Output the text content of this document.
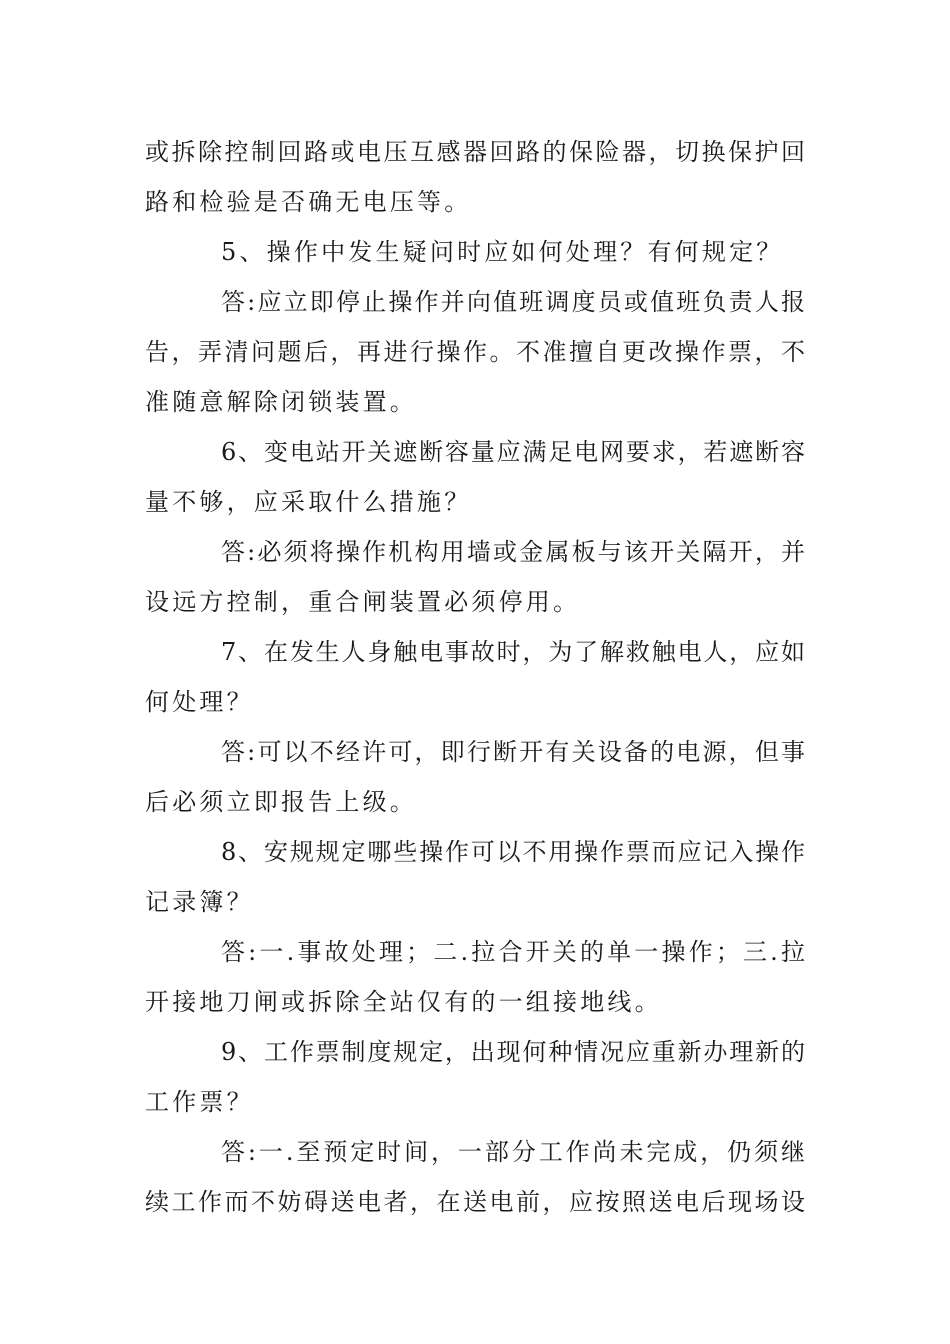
或拆除控制回路或电压互感器回路的保险器，切换保护回
路和检验是否确无电压等。
5、操作中发生疑问时应如何处理？有何规定？
答:应立即停止操作并向值班调度员或值班负责人报
告，弄清问题后，再进行操作。不准擅自更改操作票，不
准随意解除闭锁装置。
6、变电站开关遮断容量应满足电网要求，若遮断容
量不够，应采取什么措施？
答:必须将操作机构用墙或金属板与该开关隔开，并
设远方控制，重合闸装置必须停用。
7、在发生人身触电事故时，为了解救触电人，应如
何处理？
答:可以不经许可，即行断开有关设备的电源，但事
后必须立即报告上级。
8、安规规定哪些操作可以不用操作票而应记入操作
记录簿？
答:一.事故处理；二.拉合开关的单一操作；三.拉
开接地刀闸或拆除全站仅有的一组接地线。
9、工作票制度规定，出现何种情况应重新办理新的
工作票？
答:一.至预定时间，一部分工作尚未完成，仍须继
续工作而不妨碍送电者，在送电前，应按照送电后现场设
